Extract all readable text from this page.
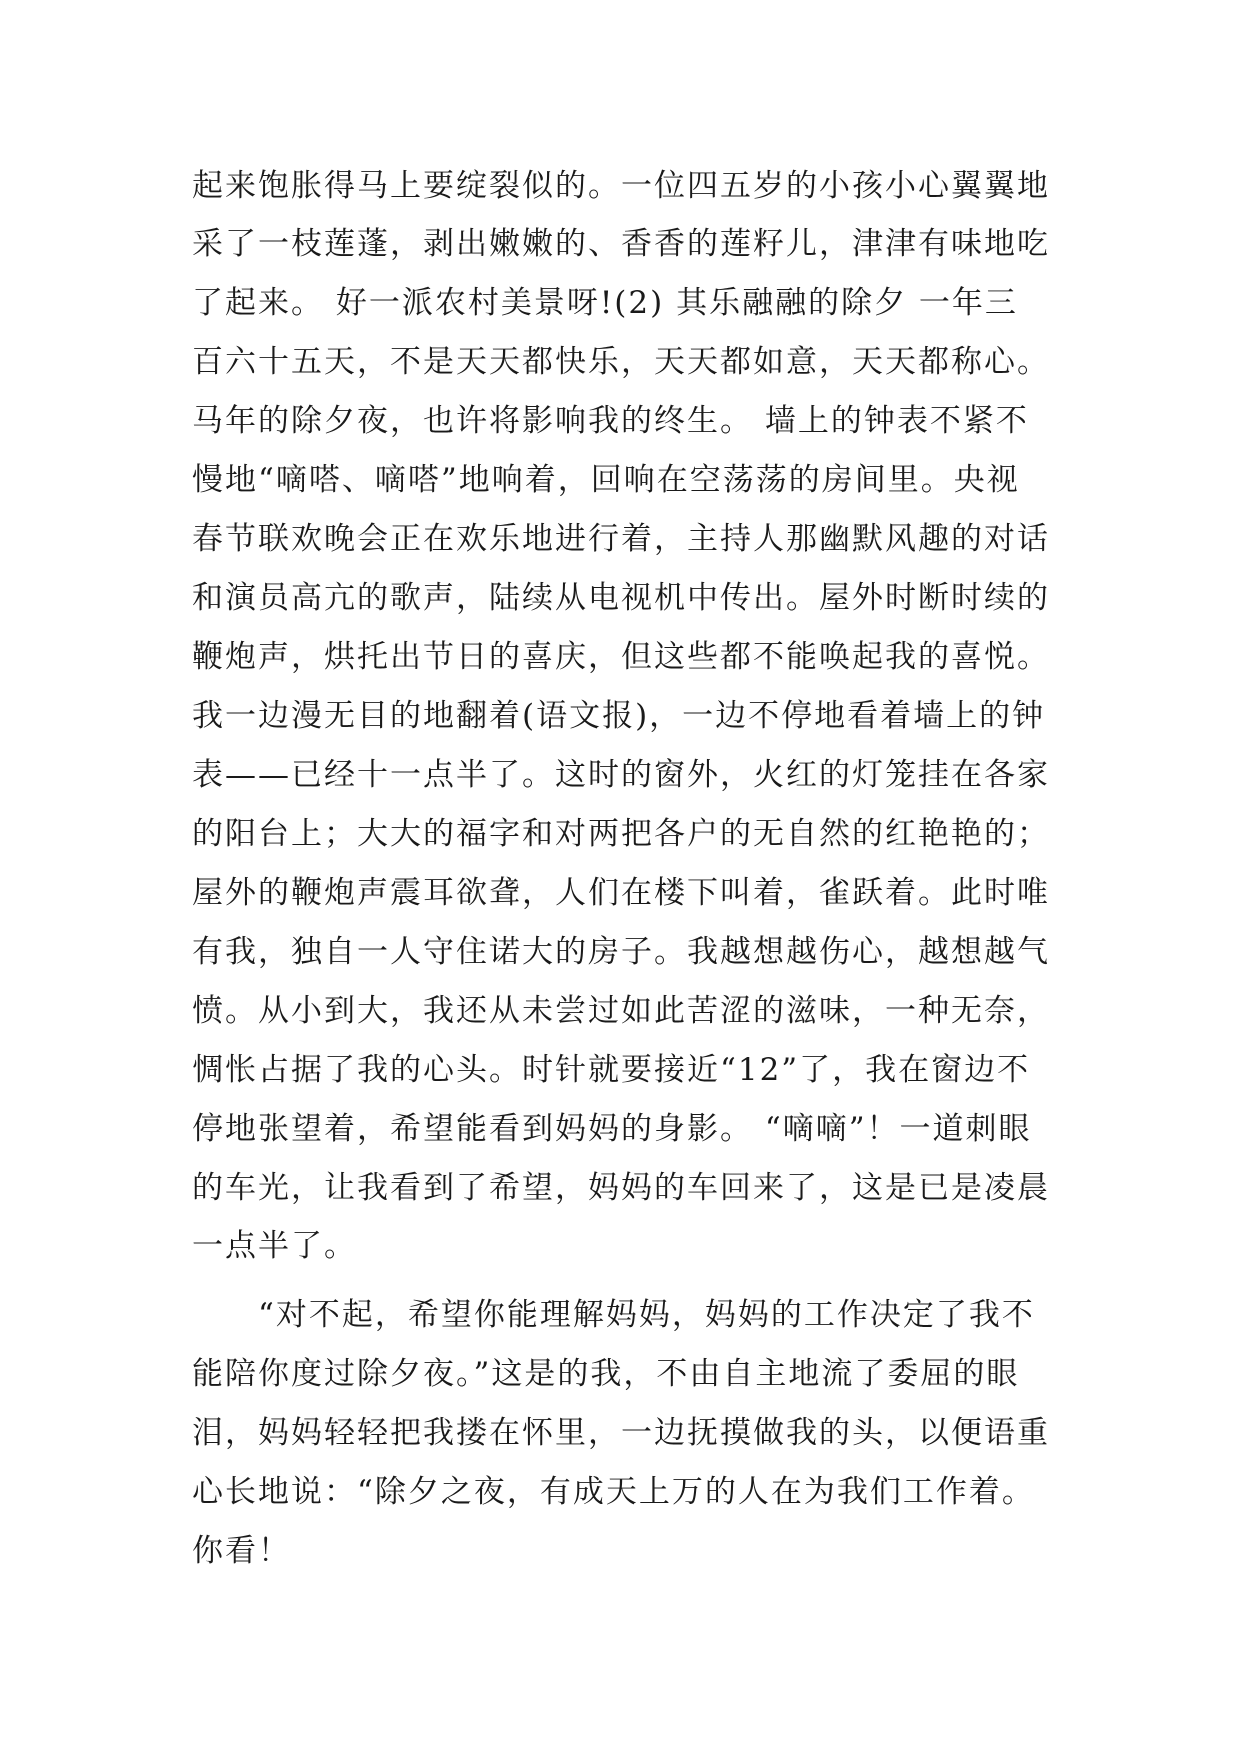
起来饱胀得马上要绽裂似的。一位四五岁的小孩小心翼翼地
采了一枝莲蓬，剥出嫩嫩的、香香的莲籽儿，津津有味地吃
了起来。 好一派农村美景呀!(2) 其乐融融的除夕 一年三
百六十五天，不是天天都快乐，天天都如意，天天都称心。
马年的除夕夜，也许将影响我的终生。 墙上的钟表不紧不
慢地“嘀嗒、嘀嗒”地响着，回响在空荡荡的房间里。央视
春节联欢晚会正在欢乐地进行着，主持人那幽默风趣的对话
和演员高亢的歌声，陆续从电视机中传出。屋外时断时续的
鞭炮声，烘托出节日的喜庆，但这些都不能唤起我的喜悦。
我一边漫无目的地翻着(语文报)，一边不停地看着墙上的钟
表——已经十一点半了。这时的窗外，火红的灯笼挂在各家
的阳台上；大大的福字和对两把各户的无自然的红艳艳的；
屋外的鞭炮声震耳欲聋，人们在楼下叫着，雀跃着。此时唯
有我，独自一人守住诺大的房子。我越想越伤心，越想越气
愤。从小到大，我还从未尝过如此苦涩的滋味，一种无奈，
惆怅占据了我的心头。时针就要接近“12”了，我在窗边不
停地张望着，希望能看到妈妈的身影。 “嘀嘀”！一道刺眼
的车光，让我看到了希望，妈妈的车回来了，这是已是凌晨
一点半了。
“对不起，希望你能理解妈妈，妈妈的工作决定了我不
能陪你度过除夕夜。”这是的我，不由自主地流了委屈的眼
泪，妈妈轻轻把我搂在怀里，一边抚摸做我的头，以便语重
心长地说：“除夕之夜，有成天上万的人在为我们工作着。
你看！
